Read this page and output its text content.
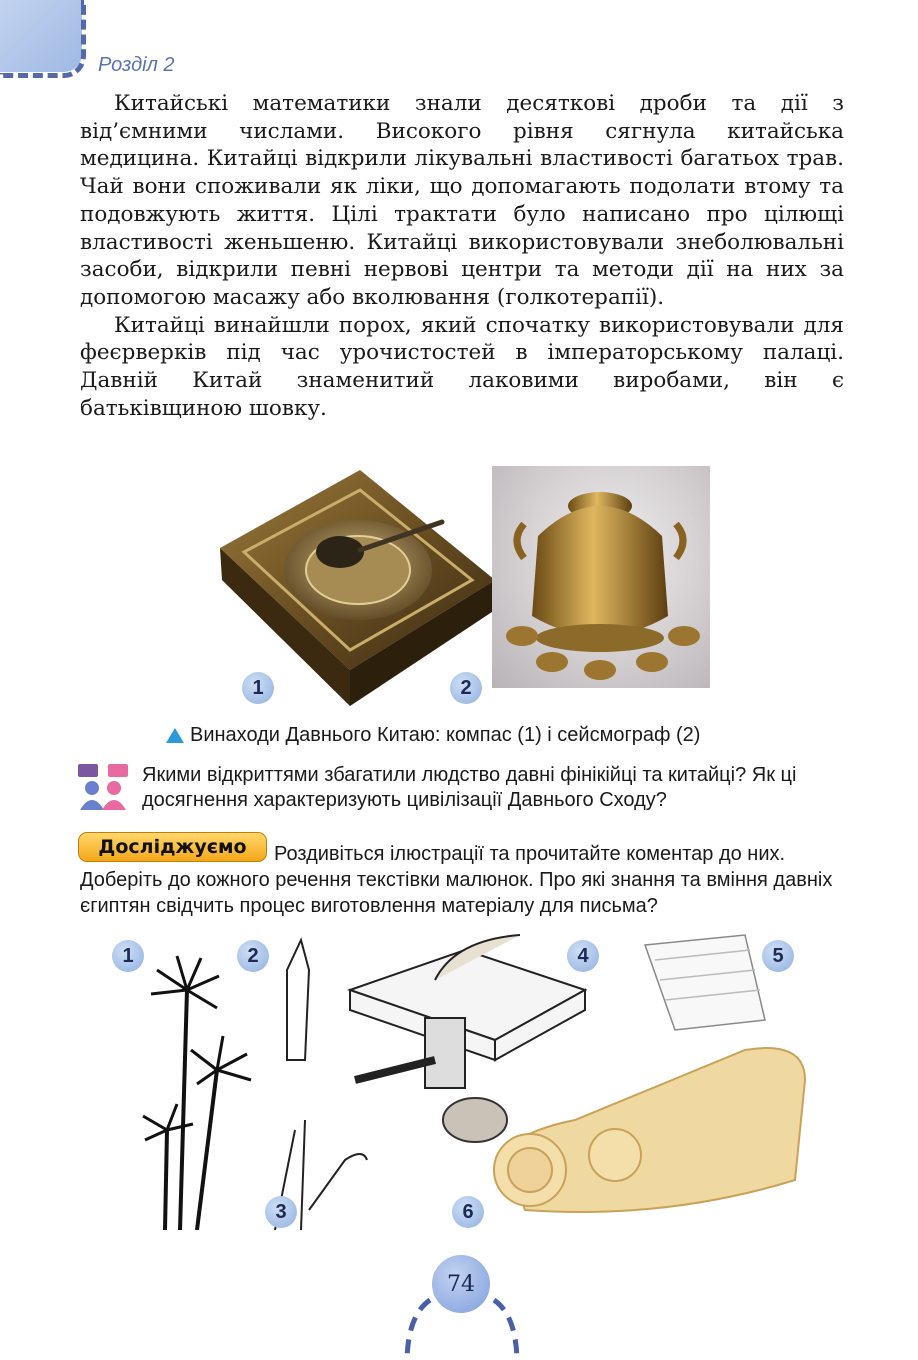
Розділ 2

Китайські математики знали десяткові дроби та дії з від’ємними числами. Високого рівня сягнула китайська медицина. Китайці відкрили лікувальні властивості багатьох трав. Чай вони споживали як ліки, що допомагають подолати втому та подовжують життя. Цілі трактати було написано про цілющі властивості женьшеню. Китайці використовували знеболювальні засоби, відкрили певні нервові центри та методи дії на них за допомогою масажу або вколювання (голкотерапії).

Китайці винайшли порох, який спочатку використовували для феєрверків під час урочистостей в імператорському палаці. Давній Китай знаменитий лаковими виробами, він є батьківщиною шовку.

1	2
Винаходи Давнього Китаю: компас (1) і сейсмограф (2)
Якими відкриттями збагатили людство давні фінікійці та китайці? Як ці досягнення характеризують цивілізації Давнього Сходу?
Роздивіться ілюстрації та прочитайте коментар до них. Доберіть до кожного речення текстівки малюнок. Про які знання та вміння давніх єгиптян свідчить процес виготовлення матеріалу для письма?
Досліджуємо
1	2
3
4	5
6
74
